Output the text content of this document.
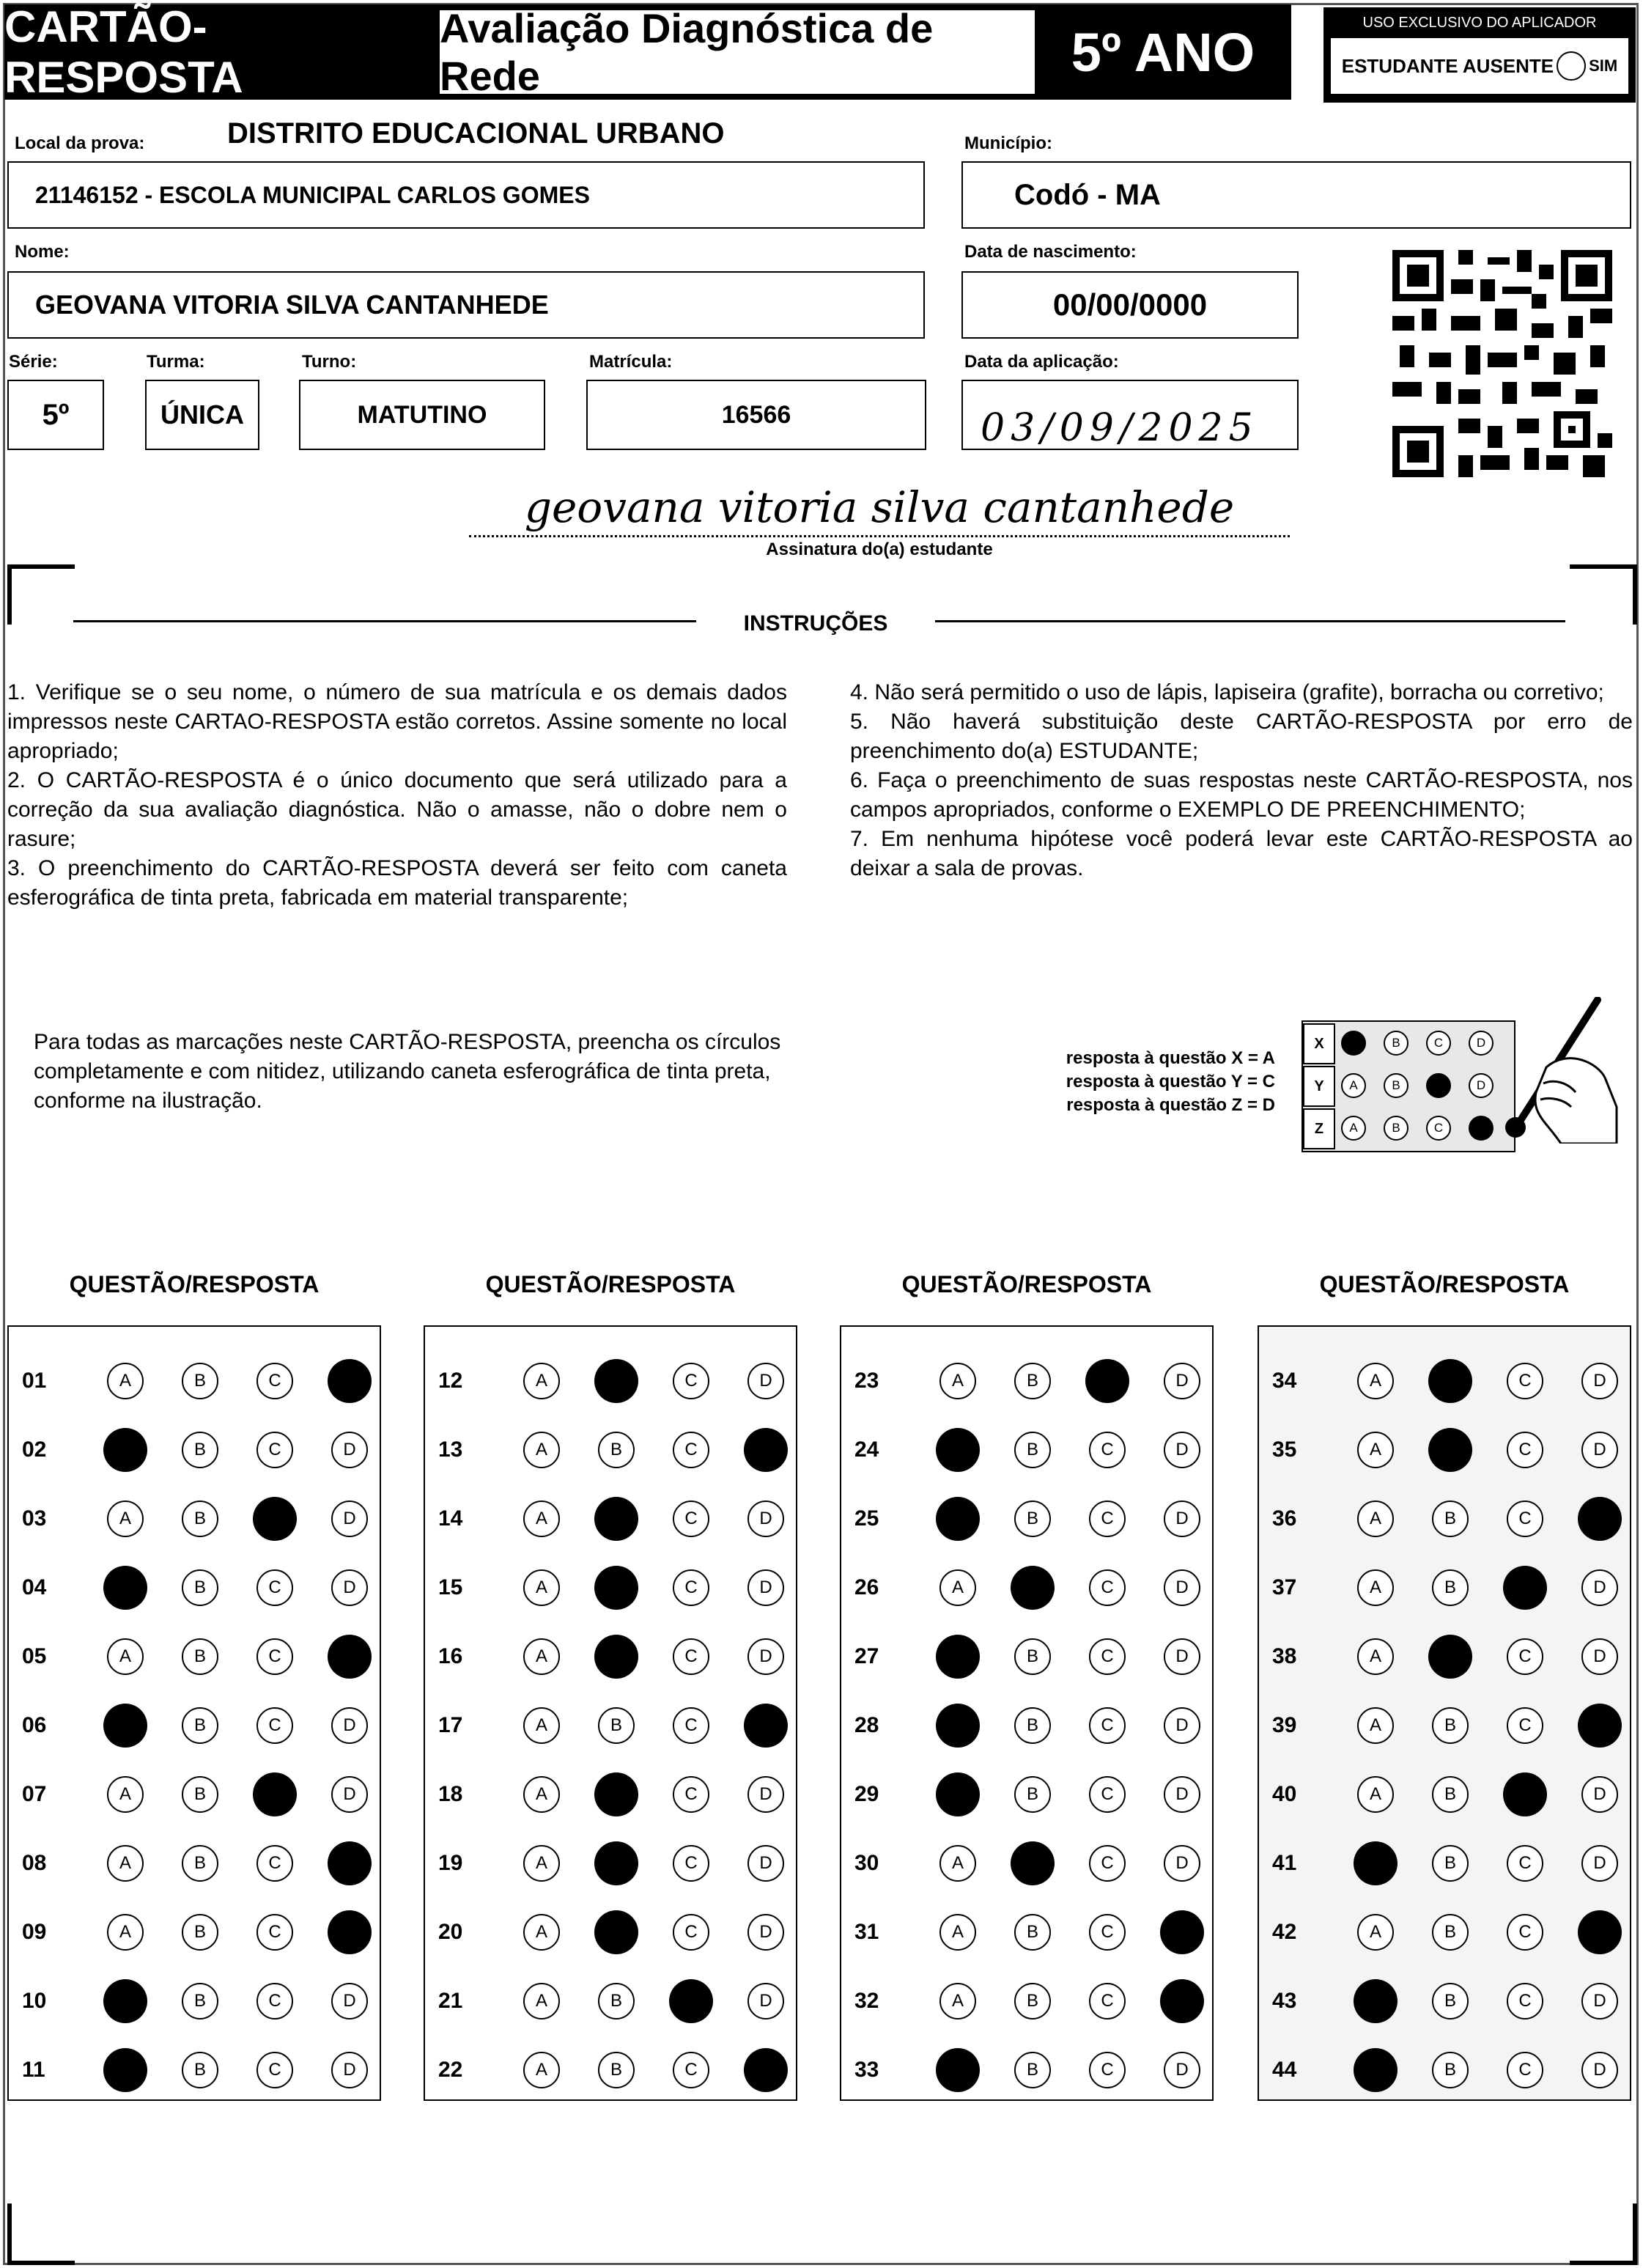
CARTÃO-RESPOSTA
Avaliação Diagnóstica de Rede	5º ANO	USO EXCLUSIVO DO APLICADOR
ESTUDANTE AUSENTE SIM
Local da prova:	DISTRITO EDUCACIONAL URBANO
21146152 - ESCOLA MUNICIPAL CARLOS GOMES
Município:
Codó - MA
Nome:
GEOVANA VITORIA SILVA CANTANHEDE
Data de nascimento:
00/00/0000
Série:
5º
Turma:
ÚNICA
Turno:
MATUTINO
Matrícula:
16566
Data da aplicação:
03/09/2025
geovana vitoria silva cantanhede
Assinatura do(a) estudante
INSTRUÇÕES

1. Verifique se o seu nome, o número de sua matrícula e os demais dados impressos neste CARTAO-RESPOSTA estão corretos. Assine somente no local apropriado;

2. O CARTÃO-RESPOSTA é o único documento que será utilizado para a correção da sua avaliação diagnóstica. Não o amasse, não o dobre nem o rasure;

3. O preenchimento do CARTÃO-RESPOSTA deverá ser feito com caneta esferográfica de tinta preta, fabricada em material transparente;

4. Não será permitido o uso de lápis, lapiseira (grafite), borracha ou corretivo;

5. Não haverá substituição deste CARTÃO-RESPOSTA por erro de preenchimento do(a) ESTUDANTE;

6. Faça o preenchimento de suas respostas neste CARTÃO-RESPOSTA, nos campos apropriados, conforme o EXEMPLO DE PREENCHIMENTO;

7. Em nenhuma hipótese você poderá levar este CARTÃO-RESPOSTA ao deixar a sala de provas.

Para todas as marcações neste CARTÃO-RESPOSTA, preencha os círculos completamente e com nitidez, utilizando caneta esferográfica de tinta preta, conforme na ilustração.
resposta à questão X = A
resposta à questão Y = C
resposta à questão Z = D
X	A	B	C	D
Y	A	B	C	D
Z	A	B	C	D
QUESTÃO/RESPOSTA
01	A	B	C	D
02	A	B	C	D
03	A	B	C	D
04	A	B	C	D
05	A	B	C	D
06	A	B	C	D
07	A	B	C	D
08	A	B	C	D
09	A	B	C	D
10	A	B	C	D
11	A	B	C	D
QUESTÃO/RESPOSTA
12	A	B	C	D
13	A	B	C	D
14	A	B	C	D
15	A	B	C	D
16	A	B	C	D
17	A	B	C	D
18	A	B	C	D
19	A	B	C	D
20	A	B	C	D
21	A	B	C	D
22	A	B	C	D
QUESTÃO/RESPOSTA
23	A	B	C	D
24	A	B	C	D
25	A	B	C	D
26	A	B	C	D
27	A	B	C	D
28	A	B	C	D
29	A	B	C	D
30	A	B	C	D
31	A	B	C	D
32	A	B	C	D
33	A	B	C	D
QUESTÃO/RESPOSTA
34	A	B	C	D
35	A	B	C	D
36	A	B	C	D
37	A	B	C	D
38	A	B	C	D
39	A	B	C	D
40	A	B	C	D
41	A	B	C	D
42	A	B	C	D
43	A	B	C	D
44	A	B	C	D
